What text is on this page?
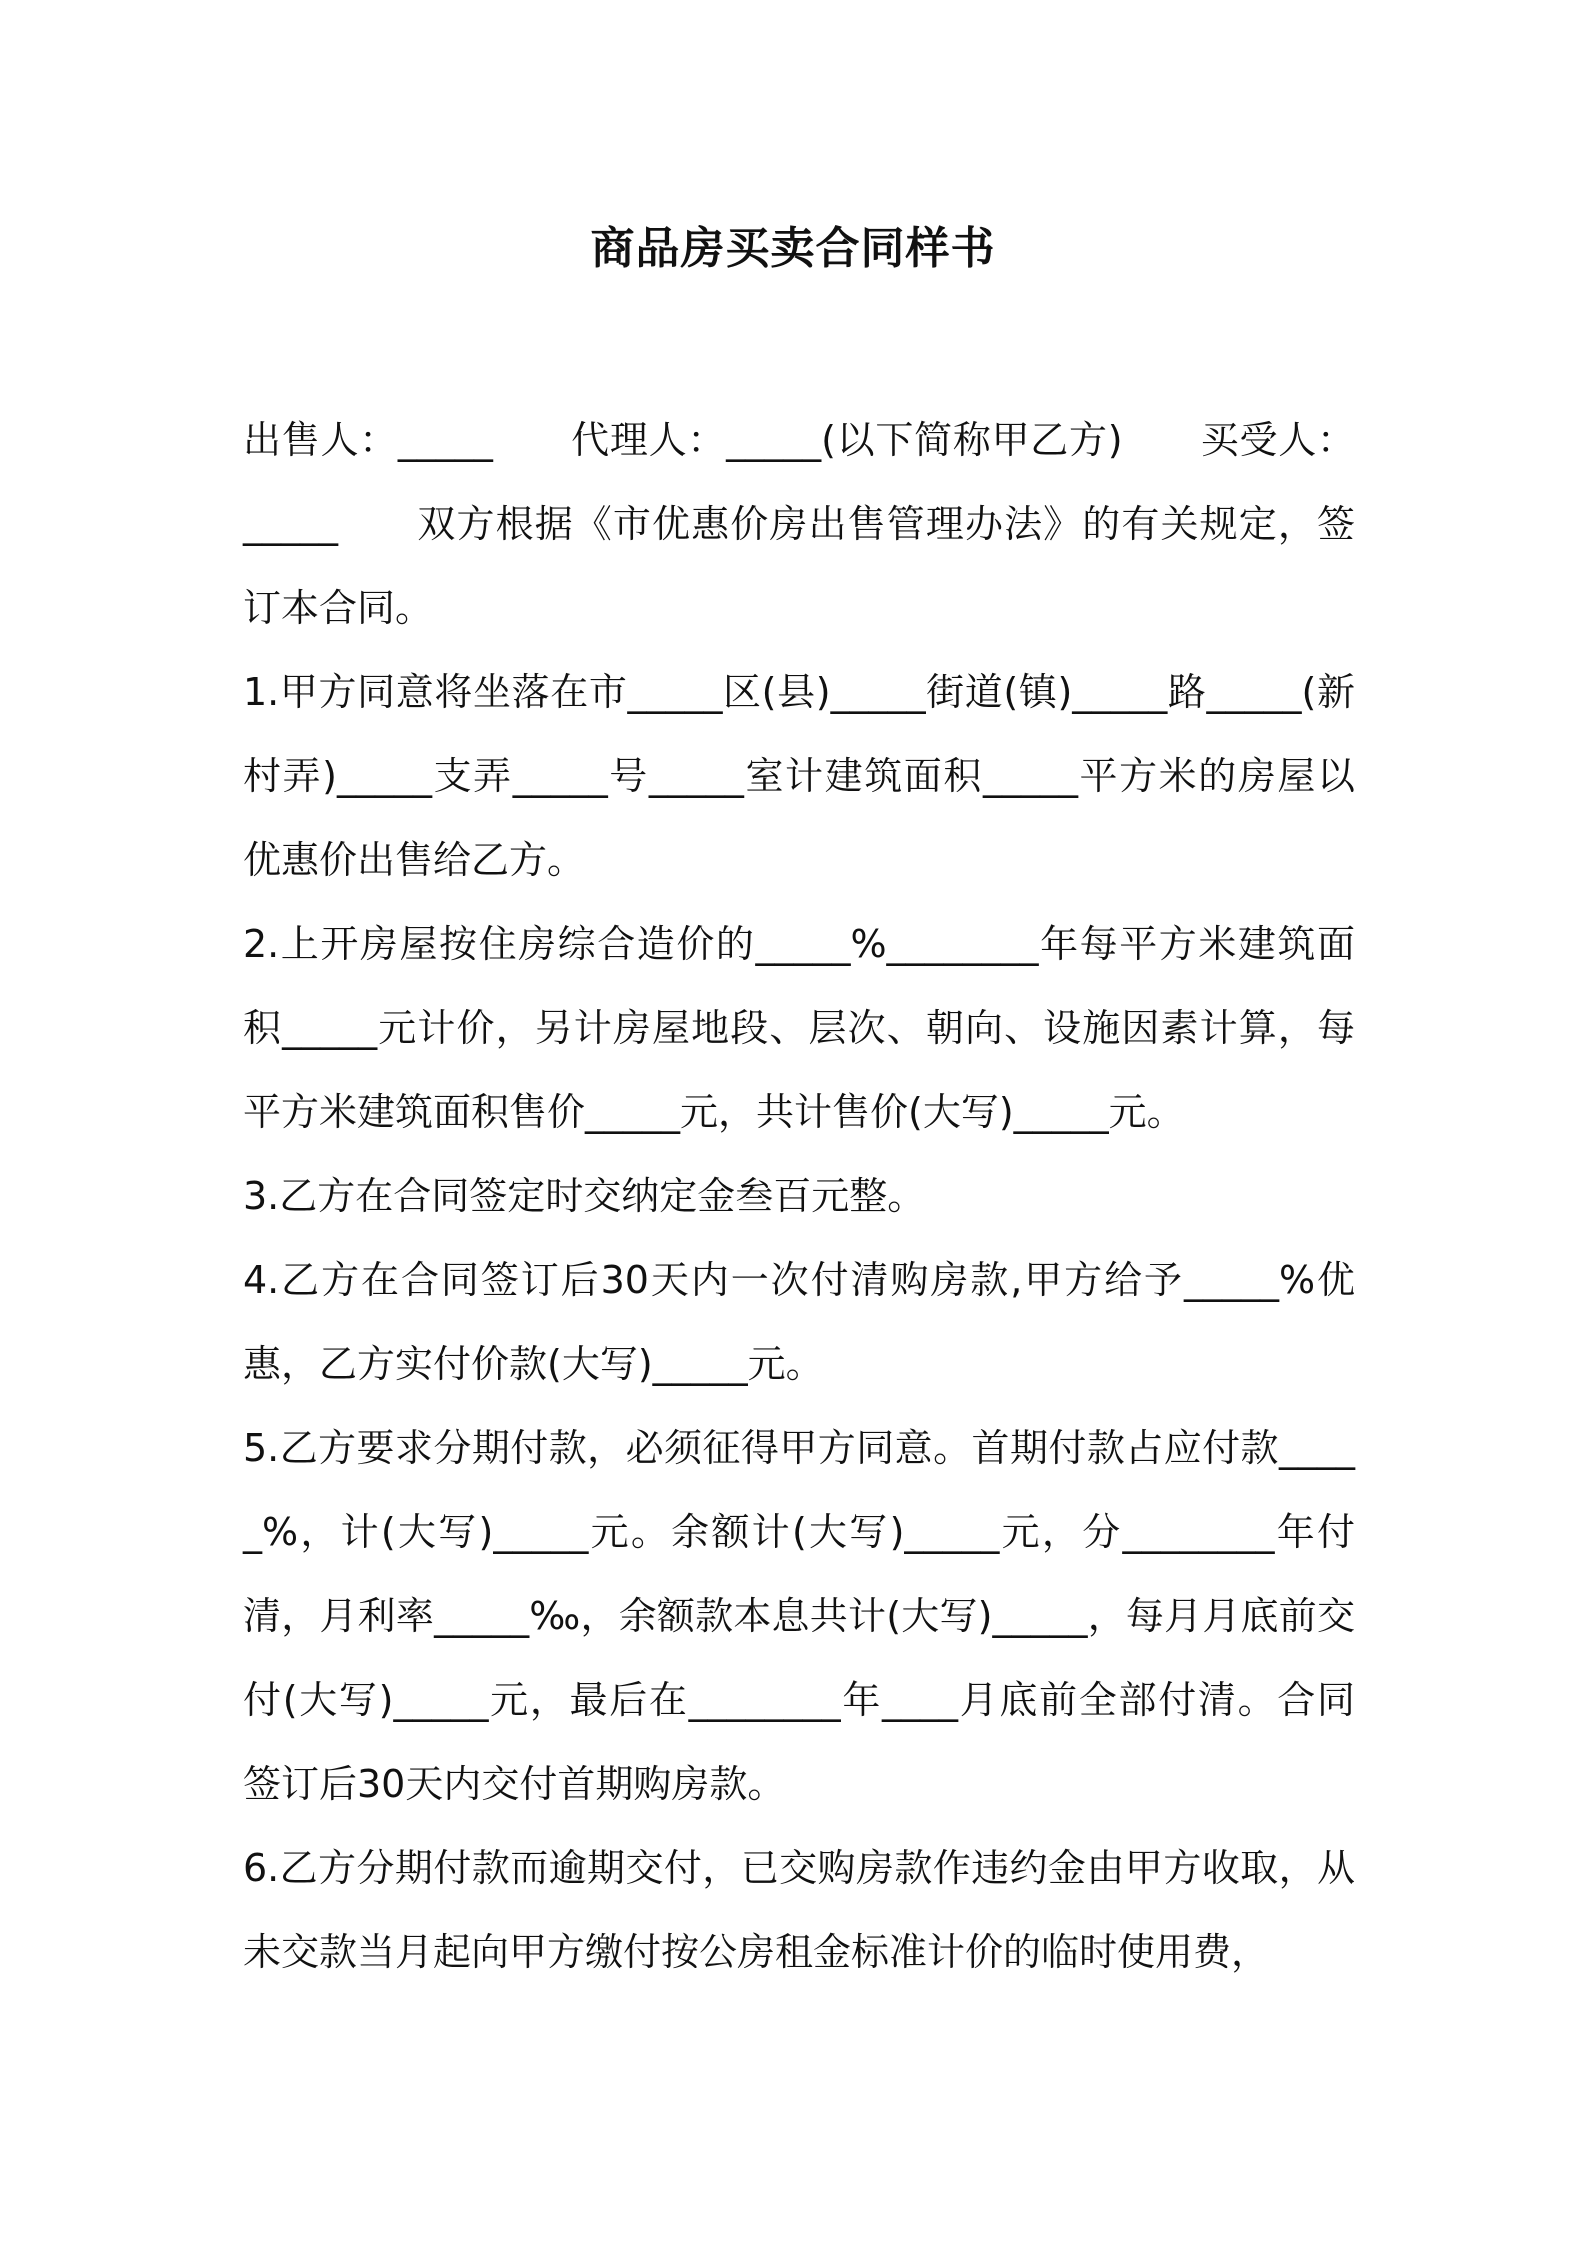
商品房买卖合同样书

出售人：_____　　代理人：_____(以下简称甲乙方)　　买受人：_____　　双方根据《市优惠价房出售管理办法》的有关规定，签订本合同。

1.甲方同意将坐落在市_____区(县)_____街道(镇)_____路_____(新村弄)_____支弄_____号_____室计建筑面积_____平方米的房屋以优惠价出售给乙方。

2.上开房屋按住房综合造价的_____%________年每平方米建筑面积_____元计价，另计房屋地段、层次、朝向、设施因素计算，每平方米建筑面积售价_____元，共计售价(大写)_____元。

3.乙方在合同签定时交纳定金叁百元整。

4.乙方在合同签订后30天内一次付清购房款,甲方给予_____%优惠，乙方实付价款(大写)_____元。

5.乙方要求分期付款，必须征得甲方同意。首期付款占应付款_____%，计(大写)_____元。余额计(大写)_____元，分________年付清，月利率_____‰，余额款本息共计(大写)_____，每月月底前交付(大写)_____元，最后在________年____月底前全部付清。合同签订后30天内交付首期购房款。

6.乙方分期付款而逾期交付，已交购房款作违约金由甲方收取，从未交款当月起向甲方缴付按公房租金标准计价的临时使用费，
